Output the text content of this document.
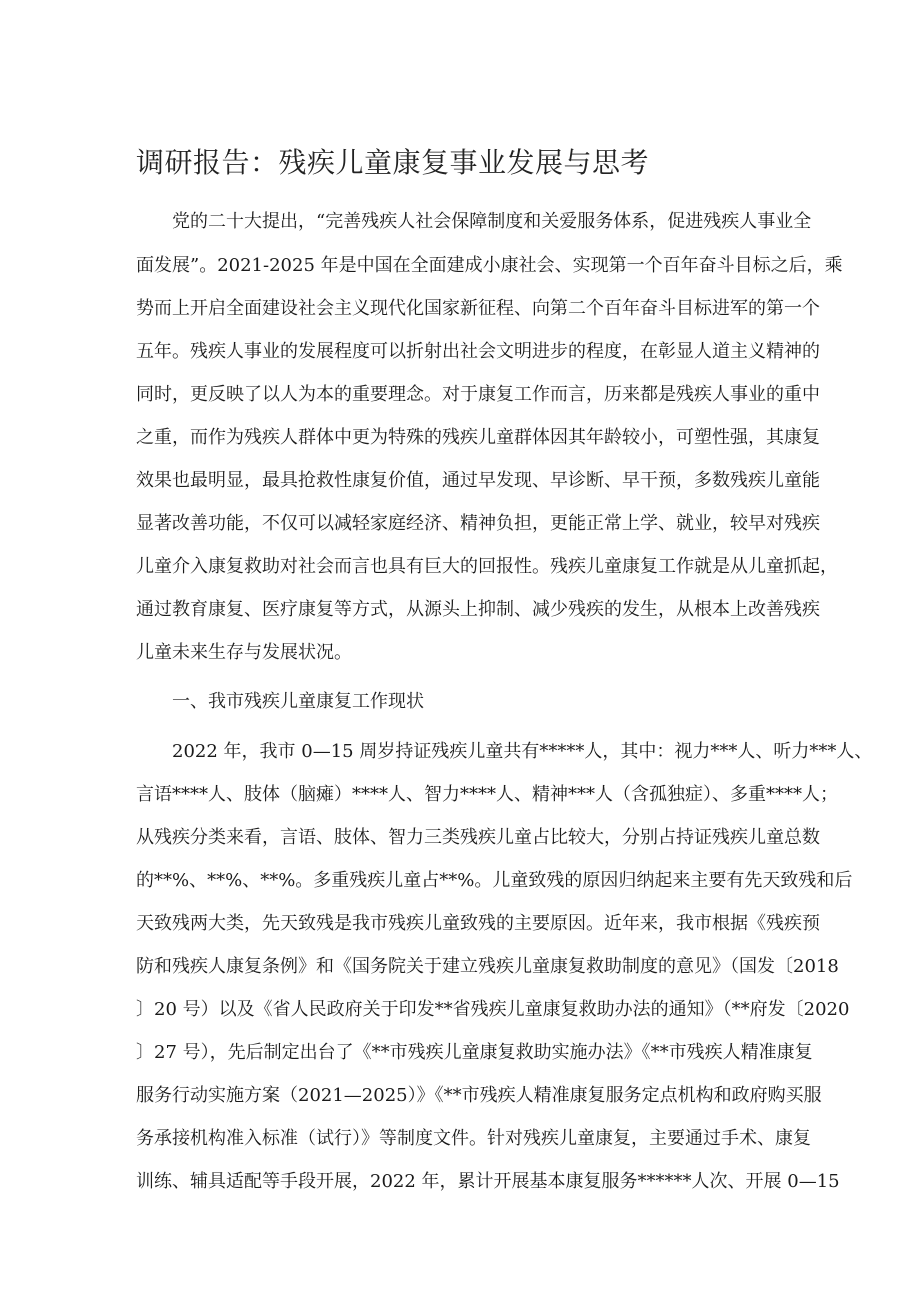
调研报告：残疾儿童康复事业发展与思考
党的二十大提出，“完善残疾人社会保障制度和关爱服务体系，促进残疾人事业全
面发展”。2021-2025 年是中国在全面建成小康社会、实现第一个百年奋斗目标之后，乘
势而上开启全面建设社会主义现代化国家新征程、向第二个百年奋斗目标进军的第一个
五年。残疾人事业的发展程度可以折射出社会文明进步的程度，在彰显人道主义精神的
同时，更反映了以人为本的重要理念。对于康复工作而言，历来都是残疾人事业的重中
之重，而作为残疾人群体中更为特殊的残疾儿童群体因其年龄较小，可塑性强，其康复
效果也最明显，最具抢救性康复价值，通过早发现、早诊断、早干预，多数残疾儿童能
显著改善功能，不仅可以减轻家庭经济、精神负担，更能正常上学、就业，较早对残疾
儿童介入康复救助对社会而言也具有巨大的回报性。残疾儿童康复工作就是从儿童抓起，
通过教育康复、医疗康复等方式，从源头上抑制、减少残疾的发生，从根本上改善残疾
儿童未来生存与发展状况。
一、我市残疾儿童康复工作现状
2022 年，我市 0—15 周岁持证残疾儿童共有*****人，其中：视力***人、听力***人、
言语****人、肢体（脑瘫）****人、智力****人、精神***人（含孤独症）、多重****人；
从残疾分类来看，言语、肢体、智力三类残疾儿童占比较大，分别占持证残疾儿童总数
的**%、**%、**%。多重残疾儿童占**%。儿童致残的原因归纳起来主要有先天致残和后
天致残两大类，先天致残是我市残疾儿童致残的主要原因。近年来，我市根据《残疾预
防和残疾人康复条例》和《国务院关于建立残疾儿童康复救助制度的意见》（国发〔2018
〕20 号）以及《省人民政府关于印发**省残疾儿童康复救助办法的通知》（**府发〔2020
〕27 号），先后制定出台了《**市残疾儿童康复救助实施办法》《**市残疾人精准康复
服务行动实施方案（2021—2025）》《**市残疾人精准康复服务定点机构和政府购买服
务承接机构准入标准（试行）》等制度文件。针对残疾儿童康复，主要通过手术、康复
训练、辅具适配等手段开展，2022 年，累计开展基本康复服务******人次、开展 0—15
